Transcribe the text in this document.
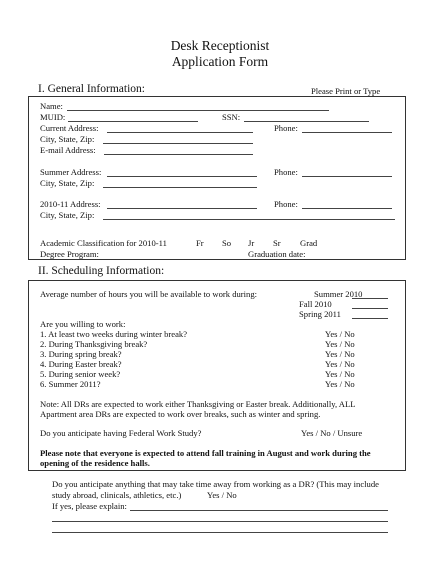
Desk Receptionist
Application Form
I. General Information:	Please Print or Type
Name:
MUID:	SSN:
Current Address:	Phone:
City, State, Zip:
E-mail Address:
Summer Address:	Phone:
City, State, Zip:
2010-11 Address:	Phone:
City, State, Zip:
Academic Classification for 2010-11	Fr So Jr Sr Grad
Degree Program:	Graduation date:
II. Scheduling Information:
Average number of hours you will be available to work during:	Summer 2010
Fall 2010
Spring 2011
Are you willing to work:
1. At least two weeks during winter break?	Yes / No
2. During Thanksgiving break?	Yes / No
3. During spring break?	Yes / No
4. During Easter break?	Yes / No
5. During senior week?	Yes / No
6. Summer 2011?	Yes / No
Note: All DRs are expected to work either Thanksgiving or Easter break. Additionally, ALL
Apartment area DRs are expected to work over breaks, such as winter and spring.
Do you anticipate having Federal Work Study?	Yes / No / Unsure
Please note that everyone is expected to attend fall training in August and work during the
opening of the residence halls.
Do you anticipate anything that may take time away from working as a DR? (This may include
study abroad, clinicals, athletics, etc.)	Yes / No
If yes, please explain:
